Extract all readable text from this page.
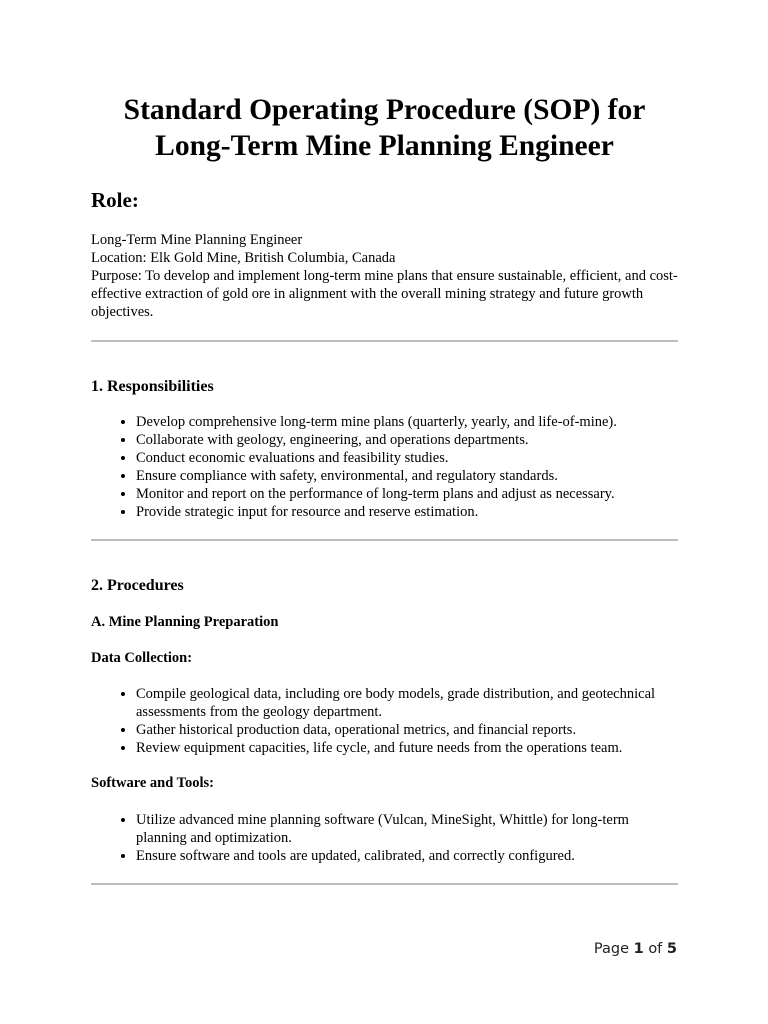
Standard Operating Procedure (SOP) for
Long-Term Mine Planning Engineer
Role:
Long-Term Mine Planning Engineer
Location: Elk Gold Mine, British Columbia, Canada
Purpose: To develop and implement long-term mine plans that ensure sustainable, efficient, and cost-effective extraction of gold ore in alignment with the overall mining strategy and future growth objectives.
1. Responsibilities
• Develop comprehensive long-term mine plans (quarterly, yearly, and life-of-mine).
• Collaborate with geology, engineering, and operations departments.
• Conduct economic evaluations and feasibility studies.
• Ensure compliance with safety, environmental, and regulatory standards.
• Monitor and report on the performance of long-term plans and adjust as necessary.
• Provide strategic input for resource and reserve estimation.
2. Procedures
A. Mine Planning Preparation
Data Collection:
• Compile geological data, including ore body models, grade distribution, and geotechnical assessments from the geology department.
• Gather historical production data, operational metrics, and financial reports.
• Review equipment capacities, life cycle, and future needs from the operations team.
Software and Tools:
• Utilize advanced mine planning software (Vulcan, MineSight, Whittle) for long-term planning and optimization.
• Ensure software and tools are updated, calibrated, and correctly configured.
Page 1 of 5
